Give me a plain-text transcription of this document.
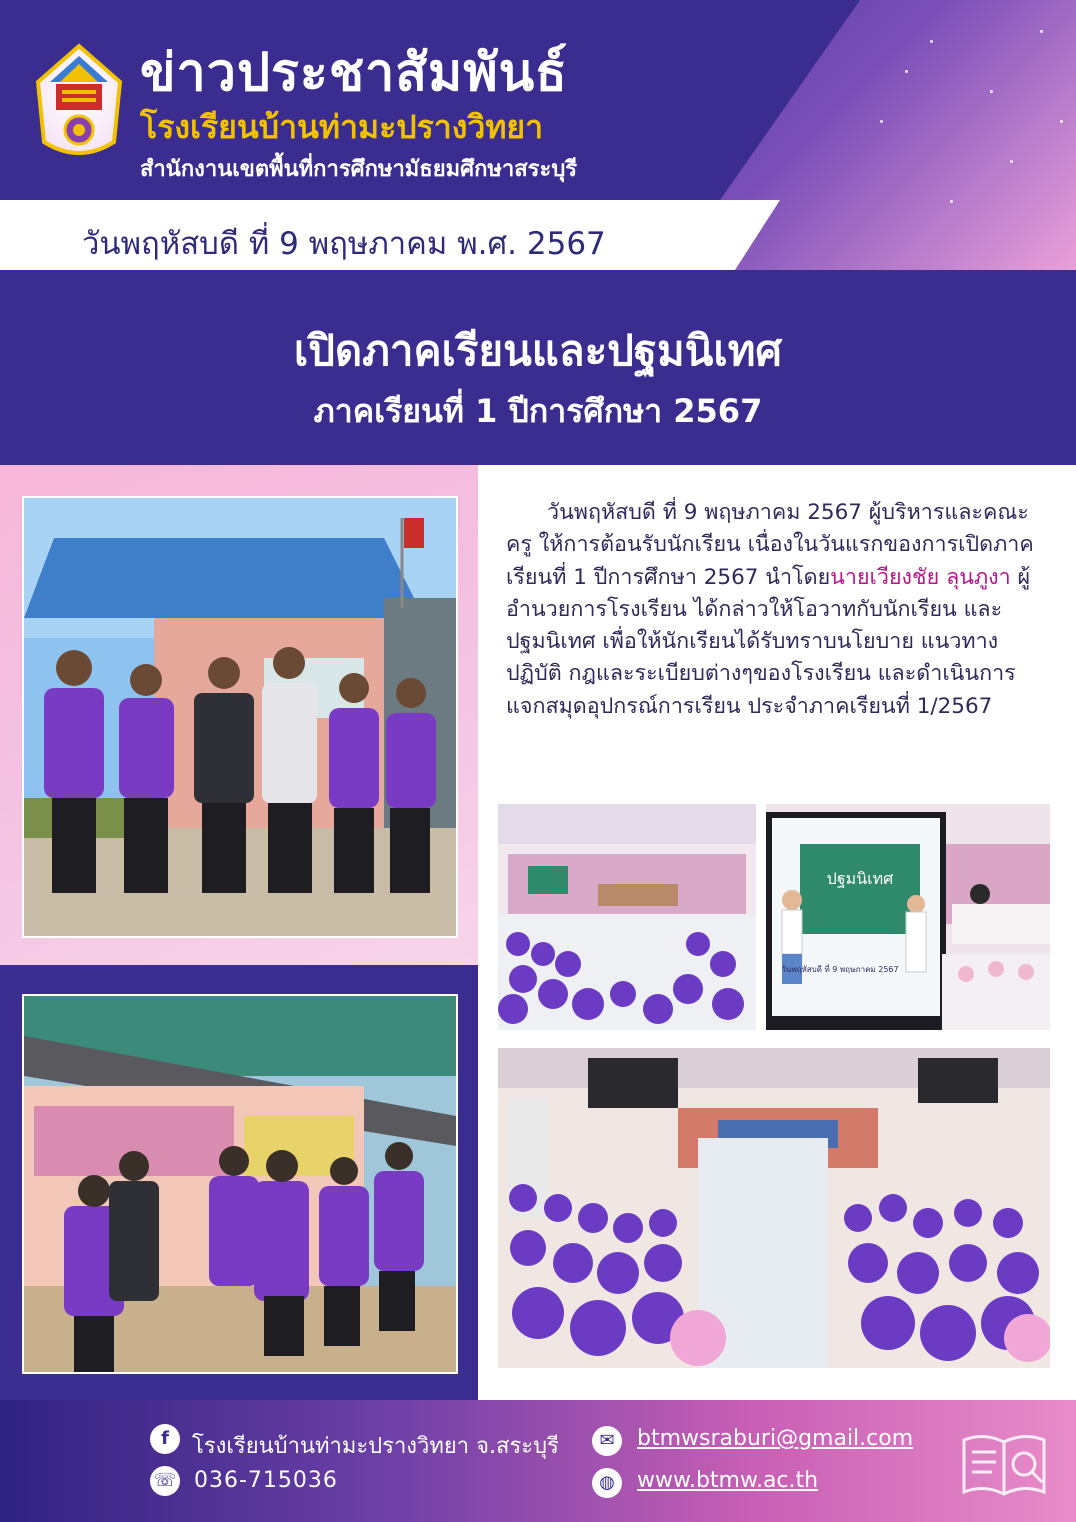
ข่าวประชาสัมพันธ์
โรงเรียนบ้านท่ามะปรางวิทยา
สำนักงานเขตพื้นที่การศึกษามัธยมศึกษาสระบุรี
วันพฤหัสบดี ที่ 9 พฤษภาคม พ.ศ. 2567
เปิดภาคเรียนและปฐมนิเทศ
ภาคเรียนที่ 1 ปีการศึกษา 2567

วันพฤหัสบดี ที่ 9 พฤษภาคม 2567 ผู้บริหารและคณะครู ให้การต้อนรับนักเรียน เนื่องในวันแรกของการเปิดภาคเรียนที่ 1 ปีการศึกษา 2567 นำโดยนายเวียงชัย ลุนภูงา ผู้อำนวยการโรงเรียน ได้กล่าวให้โอวาทกับนักเรียน และปฐมนิเทศ เพื่อให้นักเรียนได้รับทราบนโยบาย แนวทางปฏิบัติ กฎและระเบียบต่างๆของโรงเรียน และดำเนินการแจกสมุดอุปกรณ์การเรียน ประจำภาคเรียนที่ 1/2567

ปฐมนิเทศ
วันพฤหัสบดี ที่ 9 พฤษภาคม 2567
f	โรงเรียนบ้านท่ามะปรางวิทยา จ.สระบุรี
☏ 036-715036
✉	btmwsraburi@gmail.com
◍	www.btmw.ac.th
